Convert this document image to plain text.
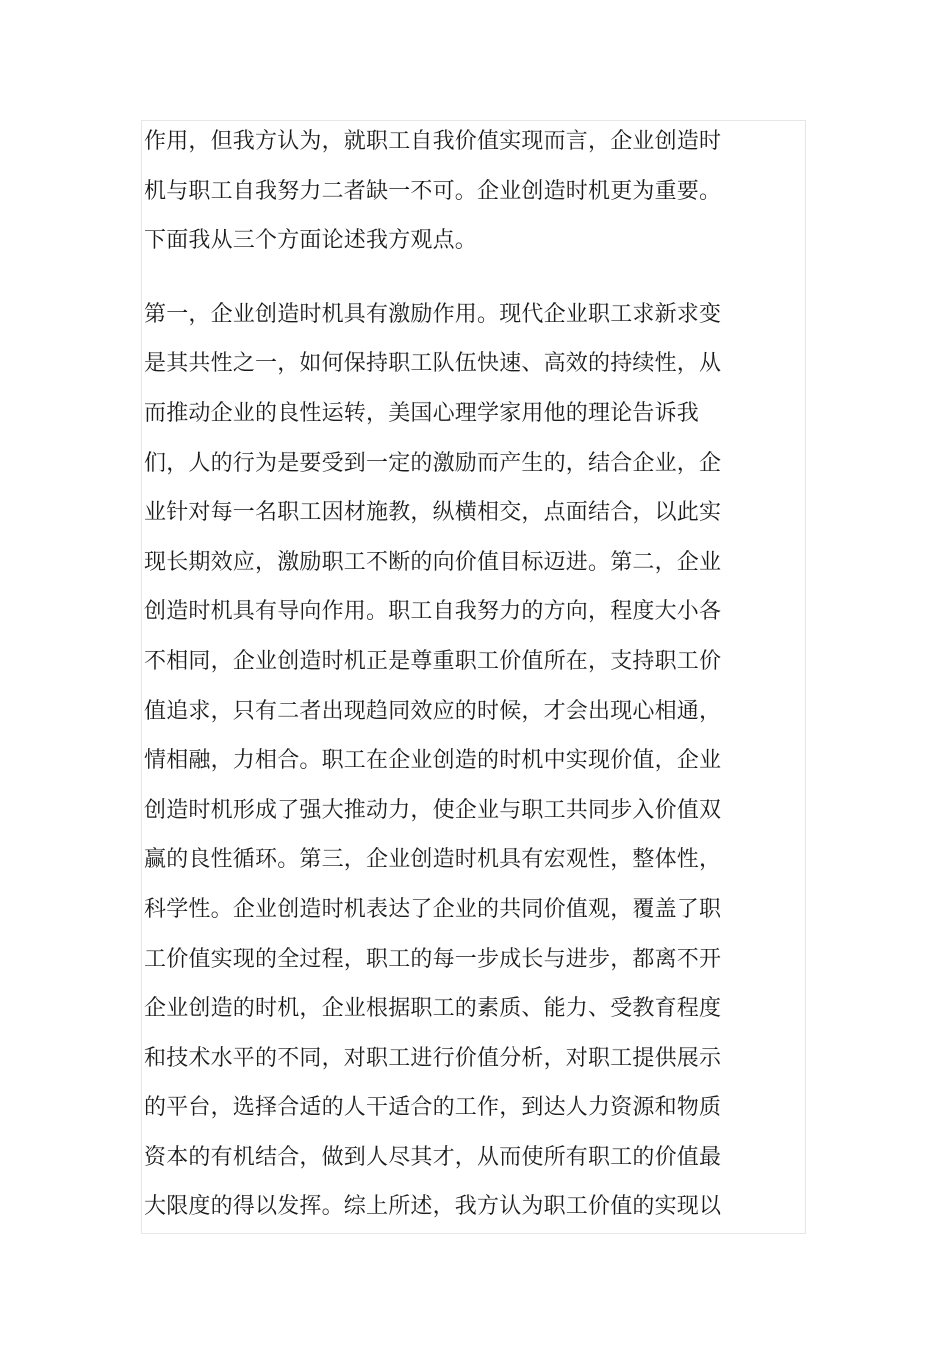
作用，但我方认为，就职工自我价值实现而言，企业创造时
机与职工自我努力二者缺一不可。企业创造时机更为重要。
下面我从三个方面论述我方观点。
第一，企业创造时机具有激励作用。现代企业职工求新求变
是其共性之一，如何保持职工队伍快速、高效的持续性，从
而推动企业的良性运转，美国心理学家用他的理论告诉我
们，人的行为是要受到一定的激励而产生的，结合企业，企
业针对每一名职工因材施教，纵横相交，点面结合，以此实
现长期效应，激励职工不断的向价值目标迈进。第二，企业
创造时机具有导向作用。职工自我努力的方向，程度大小各
不相同，企业创造时机正是尊重职工价值所在，支持职工价
值追求，只有二者出现趋同效应的时候，才会出现心相通，
情相融，力相合。职工在企业创造的时机中实现价值，企业
创造时机形成了强大推动力，使企业与职工共同步入价值双
赢的良性循环。第三，企业创造时机具有宏观性，整体性，
科学性。企业创造时机表达了企业的共同价值观，覆盖了职
工价值实现的全过程，职工的每一步成长与进步，都离不开
企业创造的时机，企业根据职工的素质、能力、受教育程度
和技术水平的不同，对职工进行价值分析，对职工提供展示
的平台，选择合适的人干适合的工作，到达人力资源和物质
资本的有机结合，做到人尽其才，从而使所有职工的价值最
大限度的得以发挥。综上所述，我方认为职工价值的实现以
